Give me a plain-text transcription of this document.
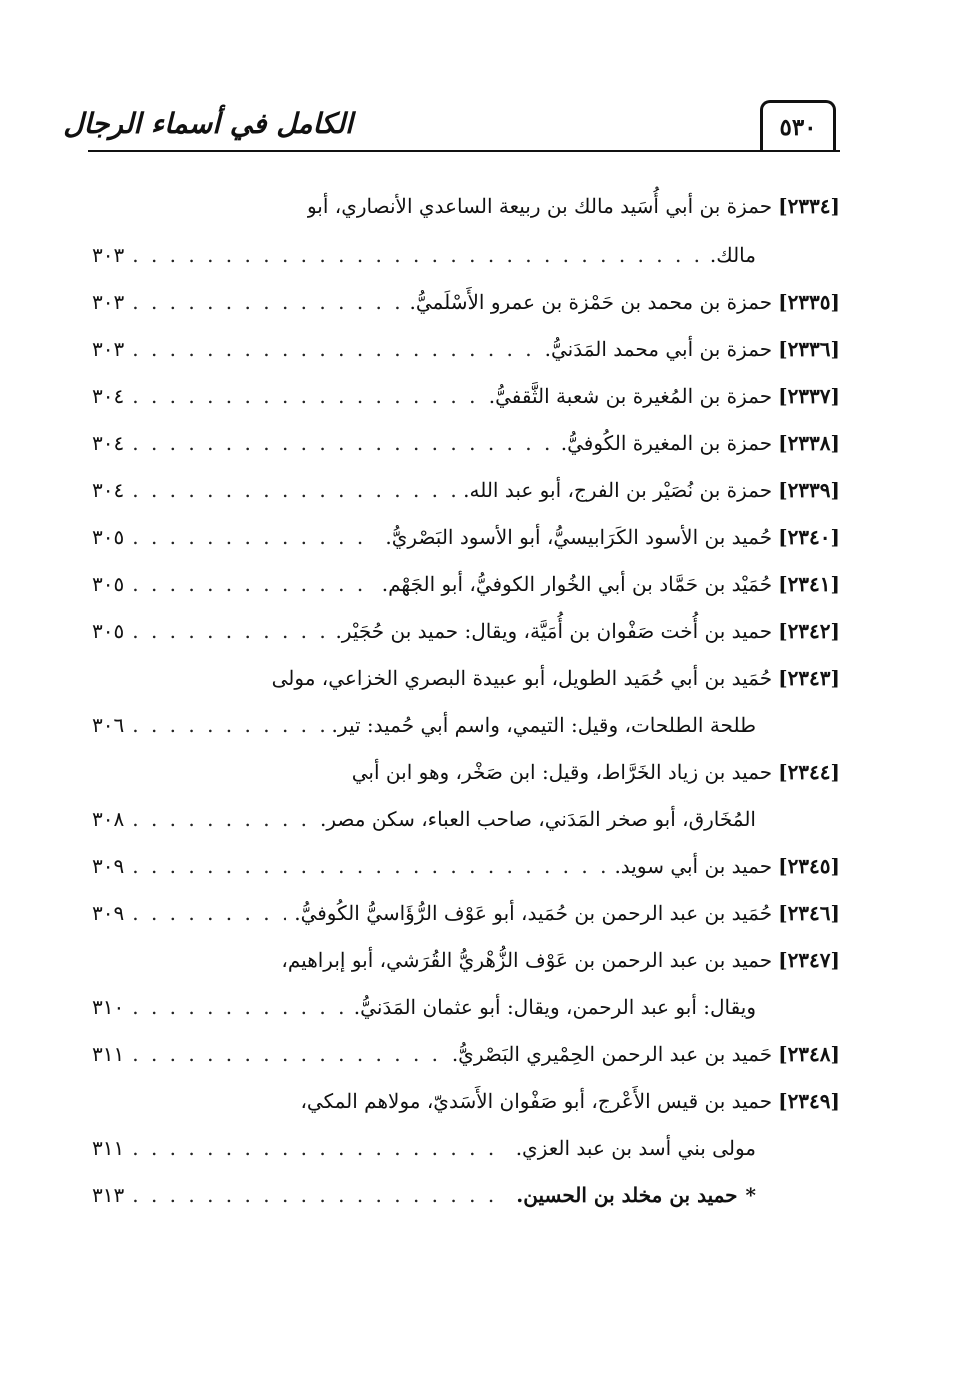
٥٣٠
الكامل في أسماء الرجال
[٢٣٣٤]
حمزة بن أبي أُسَيد مالك بن ربيعة الساعدي الأنصاري، أبو
مالك.
. . .
٣٠٣
[٢٣٣٥]
حمزة بن محمد بن حَمْزة بن عمرو الأَسْلَميُّ.
. . .
٣٠٣
[٢٣٣٦]
حمزة بن أبي محمد المَدَنيُّ.
. . .
٣٠٣
[٢٣٣٧]
حمزة بن المُغيرة بن شعبة الثَّقفيُّ.
. . .
٣٠٤
[٢٣٣٨]
حمزة بن المغيرة الكُوفيُّ.
. . .
٣٠٤
[٢٣٣٩]
حمزة بن نُصَيْر بن الفرج، أبو عبد الله.
. . .
٣٠٤
[٢٣٤٠]
حُميد بن الأسود الكَرَابيسيُّ، أبو الأسود البَصْريُّ.
. . .
٣٠٥
[٢٣٤١]
حُمَيْد بن حَمَّاد بن أبي الخُوار الكوفيُّ، أبو الجَهْم.
. . .
٣٠٥
[٢٣٤٢]
حميد بن أُخت صَفْوان بن أُمَيَّة، ويقال: حميد بن حُجَيْر.
. . .
٣٠٥
[٢٣٤٣]
حُمَيد بن أبي حُمَيد الطويل، أبو عبيدة البصري الخزاعي، مولى
طلحة الطلحات، وقيل: التيمي، واسم أبي حُميد: تير.
. . .
٣٠٦
[٢٣٤٤]
حميد بن زياد الخَرَّاط، وقيل: ابن صَخْر، وهو ابن أبي
المُخَارق، أبو صخر المَدَني، صاحب العباء، سكن مصر.
. . .
٣٠٨
[٢٣٤٥]
حميد بن أبي سويد.
. . .
٣٠٩
[٢٣٤٦]
حُمَيد بن عبد الرحمن بن حُمَيد، أبو عَوْف الرُّؤَاسيُّ الكُوفيُّ.
. . .
٣٠٩
[٢٣٤٧]
حميد بن عبد الرحمن بن عَوْف الزُّهْريُّ القُرَشي، أبو إبراهيم،
ويقال: أبو عبد الرحمن، ويقال: أبو عثمان المَدَنيُّ.
. . .
٣١٠
[٢٣٤٨]
حَميد بن عبد الرحمن الحِمْيري البَصْريُّ.
. . .
٣١١
[٢٣٤٩]
حميد بن قيس الأَعْرج، أبو صَفْوان الأَسَديّ، مولاهم المكي،
مولى بني أسد بن عبد العزي.
. . .
٣١١
*
حميد بن مخلد بن الحسين.
. . .
٣١٣
